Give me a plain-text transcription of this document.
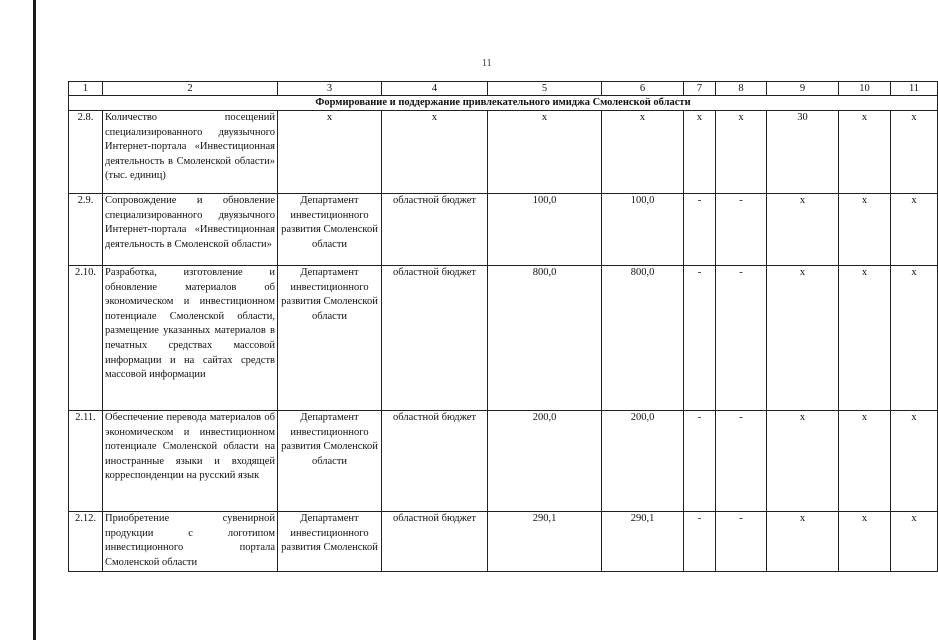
11
1	2	3	4	5	6	7	8	9	10	11
Формирование и поддержание привлекательного имиджа Смоленской области										
2.8.	Количество посещений специализированного двуязычного Интернет-портала «Инвестиционная деятельность в Смоленской области» (тыс. единиц)	х	х	х	х	х	х	30	х	х
2.9.	Сопровождение и обновление специализированного двуязычного Интернет-портала «Инвестиционная деятельность в Смоленской области»	Департамент инвестиционного развития Смоленской области	областной бюджет	100,0	100,0	-	-	х	х	х
2.10.	Разработка, изготовление и обновление материалов об экономическом и инвестиционном потенциале Смоленской области, размещение указанных материалов в печатных средствах массовой информации и на сайтах средств массовой информации	Департамент инвестиционного развития Смоленской области	областной бюджет	800,0	800,0	-	-	х	х	х
2.11.	Обеспечение перевода материалов об экономическом и инвестиционном потенциале Смоленской области на иностранные языки и входящей корреспонденции на русский язык	Департамент инвестиционного развития Смоленской области	областной бюджет	200,0	200,0	-	-	х	х	х
2.12.	Приобретение сувенирной продукции с логотипом инвестиционного портала Смоленской области	Департамент инвестиционного развития Смоленской	областной бюджет	290,1	290,1	-	-	х	х	х
